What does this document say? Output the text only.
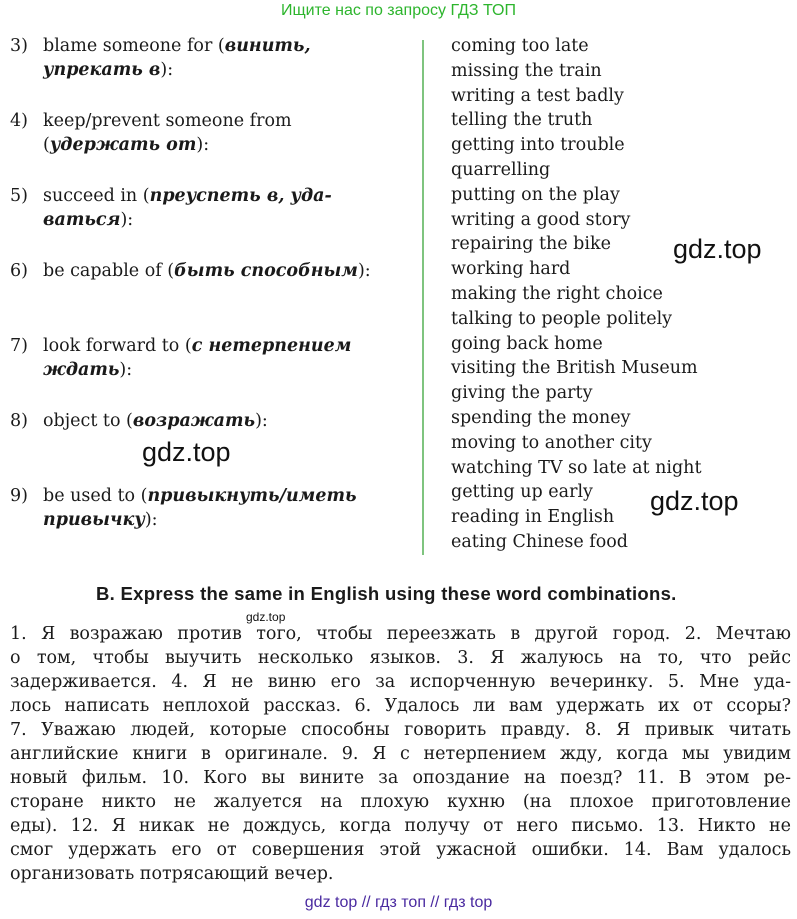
Ищите нас по запросу ГДЗ ТОП
3) blame someone for (винить,
упрекать в):
4) keep/prevent someone from
(удержать от):
5) succeed in (преуспеть в, уда-
ваться):
6) be capable of (быть способным):
7) look forward to (с нетерпением
ждать):
8) object to (возражать):
9) be used to (привыкнуть/иметь
привычку):
coming too late
missing the train
writing a test badly
telling the truth
getting into trouble
quarrelling
putting on the play
writing a good story
repairing the bike
working hard
making the right choice
talking to people politely
going back home
visiting the British Museum
giving the party
spending the money
moving to another city
watching TV so late at night
getting up early
reading in English
eating Chinese food
gdz.top
gdz.top
gdz.top
gdz.top
B. Express the same in English using these word combinations.
1. Я возражаю против того, чтобы переезжать в другой город. 2. Мечтаю
о том, чтобы выучить несколько языков. 3. Я жалуюсь на то, что рейс
задерживается. 4. Я не виню его за испорченную вечеринку. 5. Мне уда-
лось написать неплохой рассказ. 6. Удалось ли вам удержать их от ссоры?
7. Уважаю людей, которые способны говорить правду. 8. Я привык читать
английские книги в оригинале. 9. Я с нетерпением жду, когда мы увидим
новый фильм. 10. Кого вы вините за опоздание на поезд? 11. В этом ре-
сторане никто не жалуется на плохую кухню (на плохое приготовление
еды). 12. Я никак не дождусь, когда получу от него письмо. 13. Никто не
смог удержать его от совершения этой ужасной ошибки. 14. Вам удалось
организовать потрясающий вечер.
gdz top // гдз топ // гдз top
